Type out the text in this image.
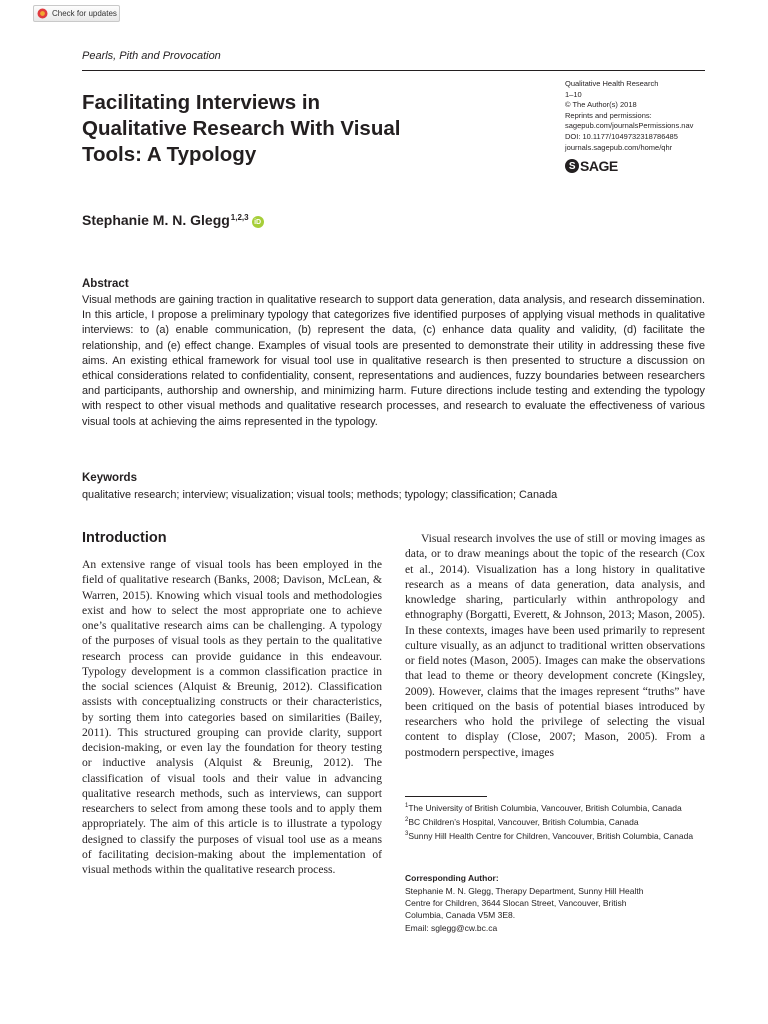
Check for updates
Pearls, Pith and Provocation
Facilitating Interviews in Qualitative Research With Visual Tools: A Typology
Qualitative Health Research
1–10
© The Author(s) 2018
Reprints and permissions:
sagepub.com/journalsPermissions.nav
DOI: 10.1177/1049732318786485
journals.sagepub.com/home/qhr
S SAGE
Stephanie M. N. Glegg 1,2,3 iD
Abstract

Visual methods are gaining traction in qualitative research to support data generation, data analysis, and research dissemination. In this article, I propose a preliminary typology that categorizes five identified purposes of applying visual methods in qualitative interviews: to (a) enable communication, (b) represent the data, (c) enhance data quality and validity, (d) facilitate the relationship, and (e) effect change. Examples of visual tools are presented to demonstrate their utility in addressing these five aims. An existing ethical framework for visual tool use in qualitative research is then presented to structure a discussion on ethical considerations related to confidentiality, consent, representations and audiences, fuzzy boundaries between researchers and participants, authorship and ownership, and minimizing harm. Future directions include testing and extending the typology with respect to other visual methods and qualitative research processes, and research to evaluate the effectiveness of various visual tools at achieving the aims represented in the typology.

Keywords

qualitative research; interview; visualization; visual tools; methods; typology; classification; Canada

Introduction

An extensive range of visual tools has been employed in the field of qualitative research (Banks, 2008; Davison, McLean, & Warren, 2015). Knowing which visual tools and methodologies exist and how to select the most appropriate one to achieve one’s qualitative research aims can be challenging. A typology of the purposes of visual tools as they pertain to the qualitative research process can provide guidance in this endeavour. Typology development is a common classification practice in the social sciences (Alquist & Breunig, 2012). Classification assists with conceptualizing constructs or their characteristics, by sorting them into categories based on similarities (Bailey, 2011). This structured grouping can provide clarity, support decision-making, or even lay the foundation for theory testing or inductive analysis (Alquist & Breunig, 2012). The classification of visual tools and their value in advancing qualitative research methods, such as interviews, can support researchers to select from among these tools and to apply them appropriately. The aim of this article is to illustrate a typology designed to classify the purposes of visual tool use as a means of facilitating decision-making about the implementation of visual methods within the qualitative research process.

Visual research involves the use of still or moving images as data, or to draw meanings about the topic of the research (Cox et al., 2014). Visualization has a long history in qualitative research as a means of data generation, data analysis, and knowledge sharing, particularly within anthropology and ethnography (Borgatti, Everett, & Johnson, 2013; Mason, 2005). In these contexts, images have been used primarily to represent culture visually, as an adjunct to traditional written observations or field notes (Mason, 2005). Images can make the observations that lead to theme or theory development concrete (Kingsley, 2009). However, claims that the images represent “truths” have been critiqued on the basis of potential biases introduced by researchers who hold the privilege of selecting the visual content to display (Close, 2007; Mason, 2005). From a postmodern perspective, images

$^1$The University of British Columbia, Vancouver, British Columbia, Canada
$^2$BC Children’s Hospital, Vancouver, British Columbia, Canada
$^3$Sunny Hill Health Centre for Children, Vancouver, British Columbia, Canada
Corresponding Author:
Stephanie M. N. Glegg, Therapy Department, Sunny Hill Health
Centre for Children, 3644 Slocan Street, Vancouver, British
Columbia, Canada V5M 3E8.
Email: sglegg@cw.bc.ca
